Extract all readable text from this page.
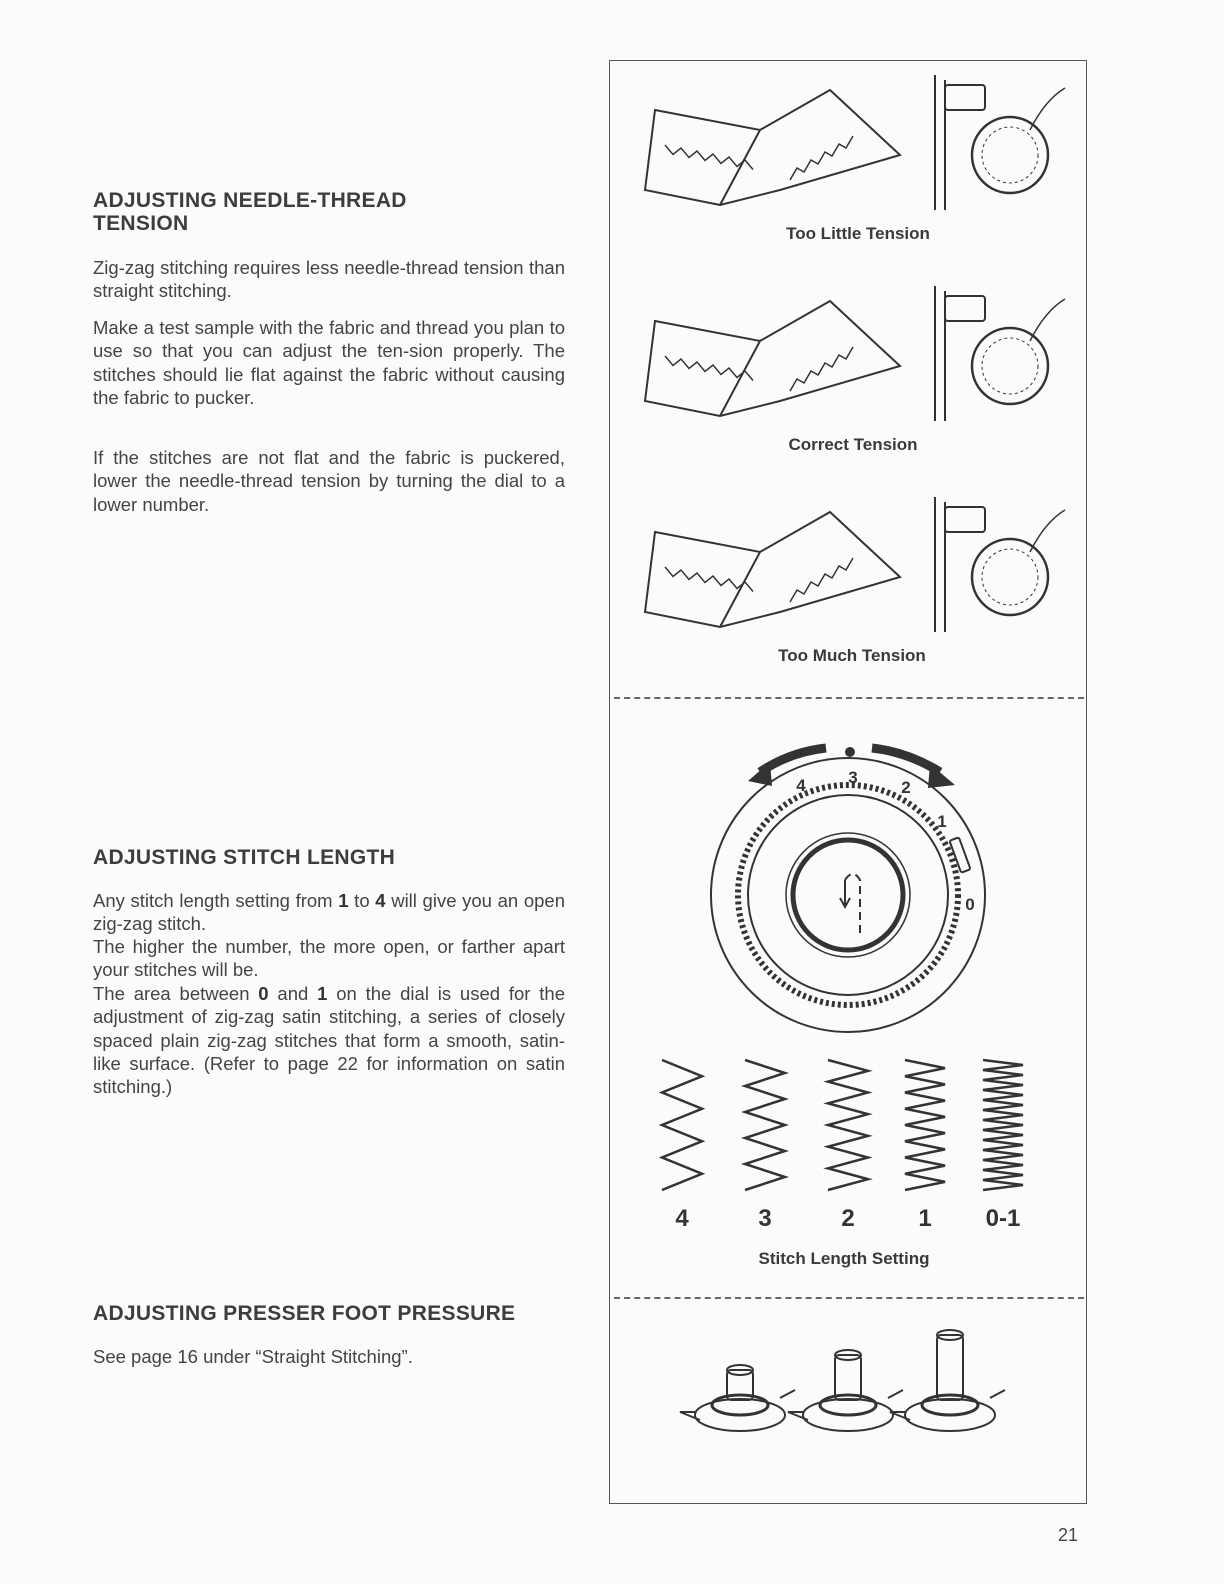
ADJUSTING NEEDLE-THREAD
TENSION

Zig-zag stitching requires less needle-thread tension than straight stitching.

Make a test sample with the fabric and thread you plan to use so that you can adjust the ten-sion properly. The stitches should lie flat against the fabric without causing the fabric to pucker.

If the stitches are not flat and the fabric is puckered, lower the needle-thread tension by turning the dial to a lower number.

ADJUSTING STITCH LENGTH

Any stitch length setting from 1 to 4 will give you an open zig-zag stitch.

The higher the number, the more open, or farther apart your stitches will be.

The area between 0 and 1 on the dial is used for the adjustment of zig-zag satin stitching, a series of closely spaced plain zig-zag stitches that form a smooth, satin-like surface. (Refer to page 22 for information on satin stitching.)

ADJUSTING PRESSER FOOT PRESSURE

See page 16 under “Straight Stitching”.

4	3
2
1
0
Too Little Tension
Correct Tension
Too Much Tension
4	3	2	1 0-1
Stitch Length Setting
21
